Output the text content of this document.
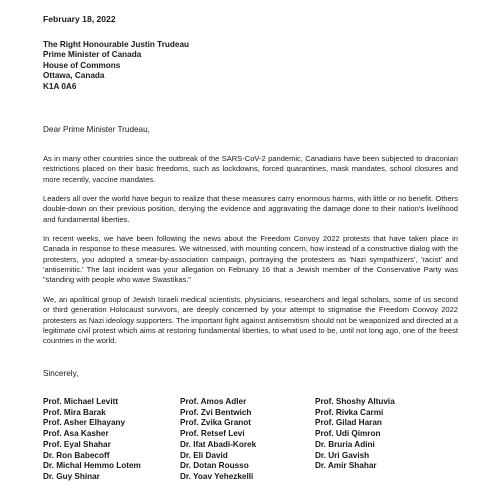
February 18, 2022
The Right Honourable Justin Trudeau
Prime Minister of Canada
House of Commons
Ottawa, Canada
K1A 0A6
Dear Prime Minister Trudeau,

As in many other countries since the outbreak of the SARS-CoV-2 pandemic, Canadians have been subjected to draconian restrictions placed on their basic freedoms, such as lockdowns, forced quarantines, mask mandates, school closures and more recently, vaccine mandates.

Leaders all over the world have begun to realize that these measures carry enormous harms, with little or no benefit. Others double-down on their previous position, denying the evidence and aggravating the damage done to their nation's livelihood and fundamental liberties.

In recent weeks, we have been following the news about the Freedom Convoy 2022 protests that have taken place in Canada in response to these measures. We witnessed, with mounting concern, how instead of a constructive dialog with the protesters, you adopted a smear-by-association campaign, portraying the protesters as 'Nazi sympathizers', 'racist' and 'antisemitic.' The last incident was your allegation on February 16 that a Jewish member of the Conservative Party was "standing with people who wave Swastikas."

We, an apolitical group of Jewish Israeli medical scientists, physicians, researchers and legal scholars, some of us second or third generation Holocaust survivors, are deeply concerned by your attempt to stigmatise the Freedom Convoy 2022 protesters as Nazi ideology supporters. The important fight against antisemitism should not be weaponized and directed at a legitimate civil protest which aims at restoring fundamental liberties, to what used to be, until not long ago, one of the freest countries in the world.

Sincerely,
Prof. Michael Levitt
Prof. Mira Barak
Prof. Asher Elhayany
Prof. Asa Kasher
Prof. Eyal Shahar
Dr. Ron Babecoff
Dr. Michal Hemmo Lotem
Dr. Guy Shinar
Prof. Amos Adler
Prof. Zvi Bentwich
Prof. Zvika Granot
Prof. Retsef Levi
Dr. Ifat Abadi-Korek
Dr. Eli David
Dr. Dotan Rousso
Dr. Yoav Yehezkelli
Prof. Shoshy Altuvia
Prof. Rivka Carmi
Prof. Gilad Haran
Prof. Udi Qimron
Dr. Bruria Adini
Dr. Uri Gavish
Dr. Amir Shahar
